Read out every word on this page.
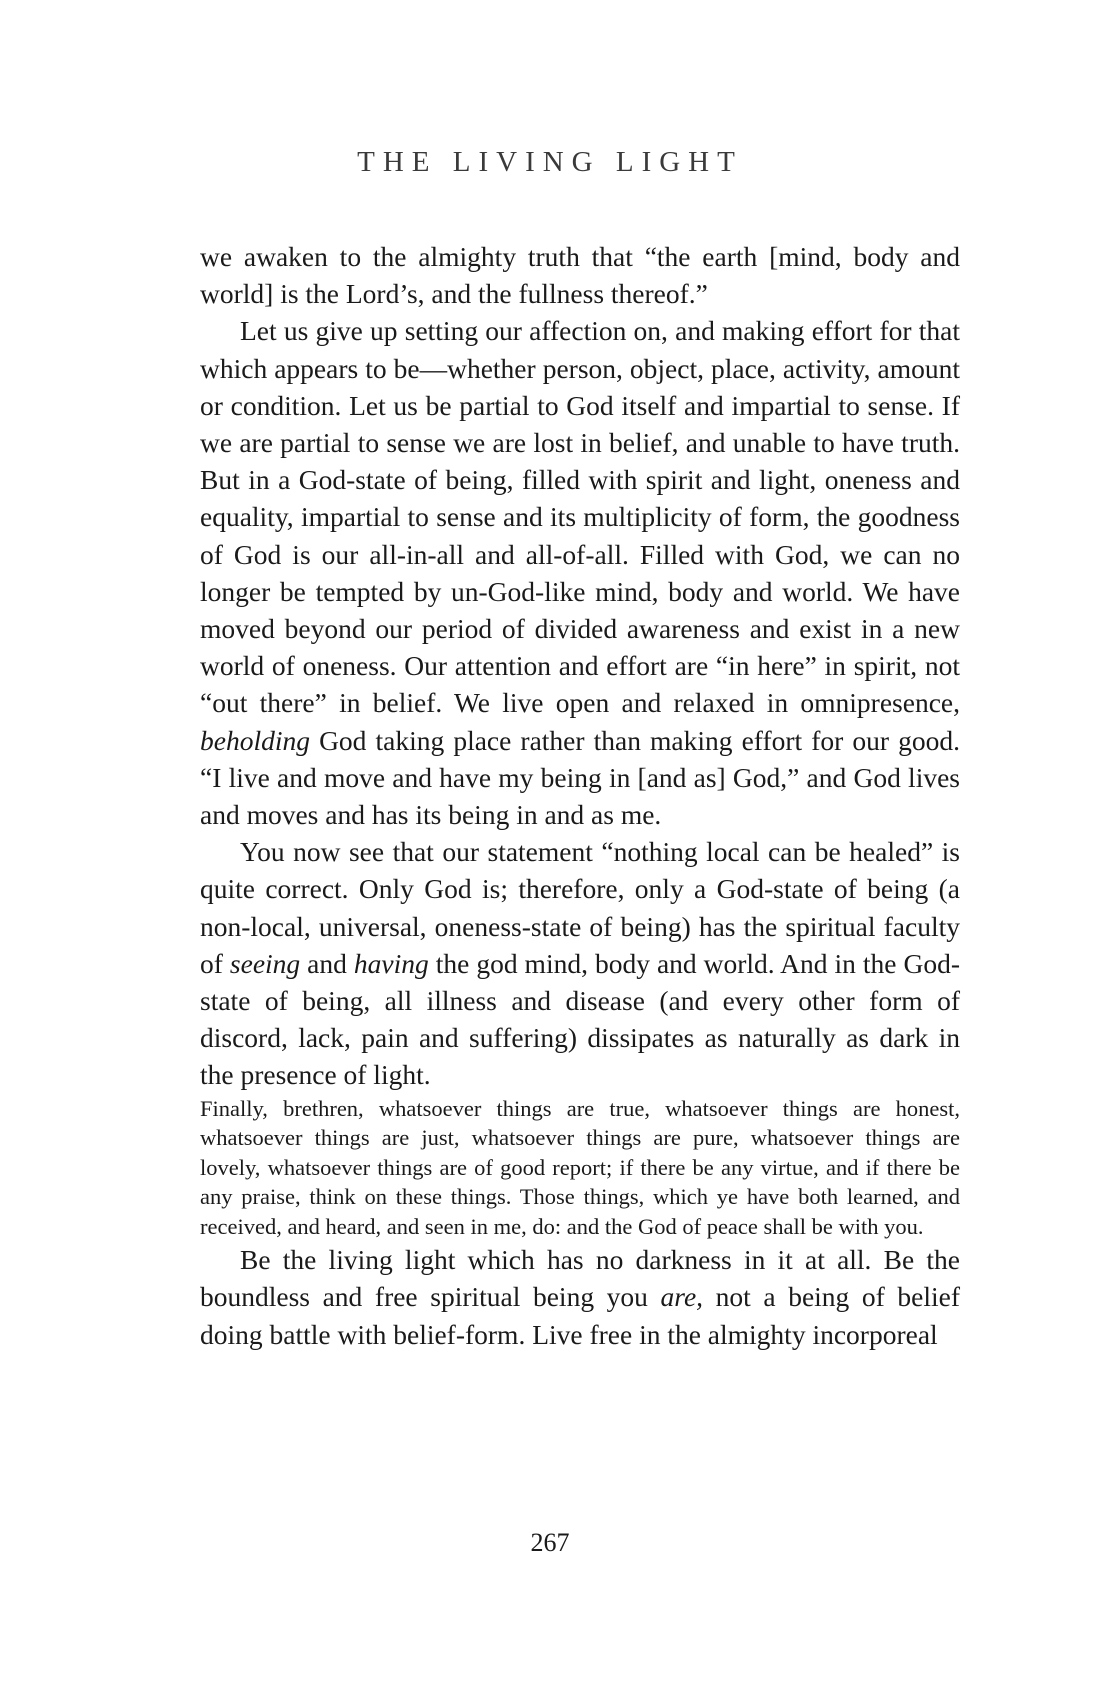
THE LIVING LIGHT

we awaken to the almighty truth that “the earth [mind, body and world] is the Lord’s, and the fullness thereof.”

Let us give up setting our affection on, and making effort for that which appears to be—whether person, object, place, activity, amount or condition. Let us be partial to God itself and impartial to sense. If we are partial to sense we are lost in belief, and unable to have truth. But in a God-state of being, filled with spirit and light, oneness and equality, impartial to sense and its multiplicity of form, the goodness of God is our all-in-all and all-of-all. Filled with God, we can no longer be tempted by un-God-like mind, body and world. We have moved beyond our period of divided awareness and exist in a new world of oneness. Our attention and effort are “in here” in spirit, not “out there” in belief. We live open and relaxed in omnipresence, beholding God taking place rather than making effort for our good. “I live and move and have my being in [and as] God,” and God lives and moves and has its being in and as me.

You now see that our statement “nothing local can be healed” is quite correct. Only God is; therefore, only a God-state of being (a non-local, universal, oneness-state of being) has the spiritual faculty of seeing and having the god mind, body and world. And in the God-state of being, all illness and disease (and every other form of discord, lack, pain and suffering) dissipates as naturally as dark in the presence of light.

Finally, brethren, whatsoever things are true, whatsoever things are honest, whatsoever things are just, whatsoever things are pure, whatsoever things are lovely, whatsoever things are of good report; if there be any virtue, and if there be any praise, think on these things. Those things, which ye have both learned, and received, and heard, and seen in me, do: and the God of peace shall be with you.

Be the living light which has no darkness in it at all. Be the boundless and free spiritual being you are, not a being of belief doing battle with belief-form. Live free in the almighty incorporeal

267
